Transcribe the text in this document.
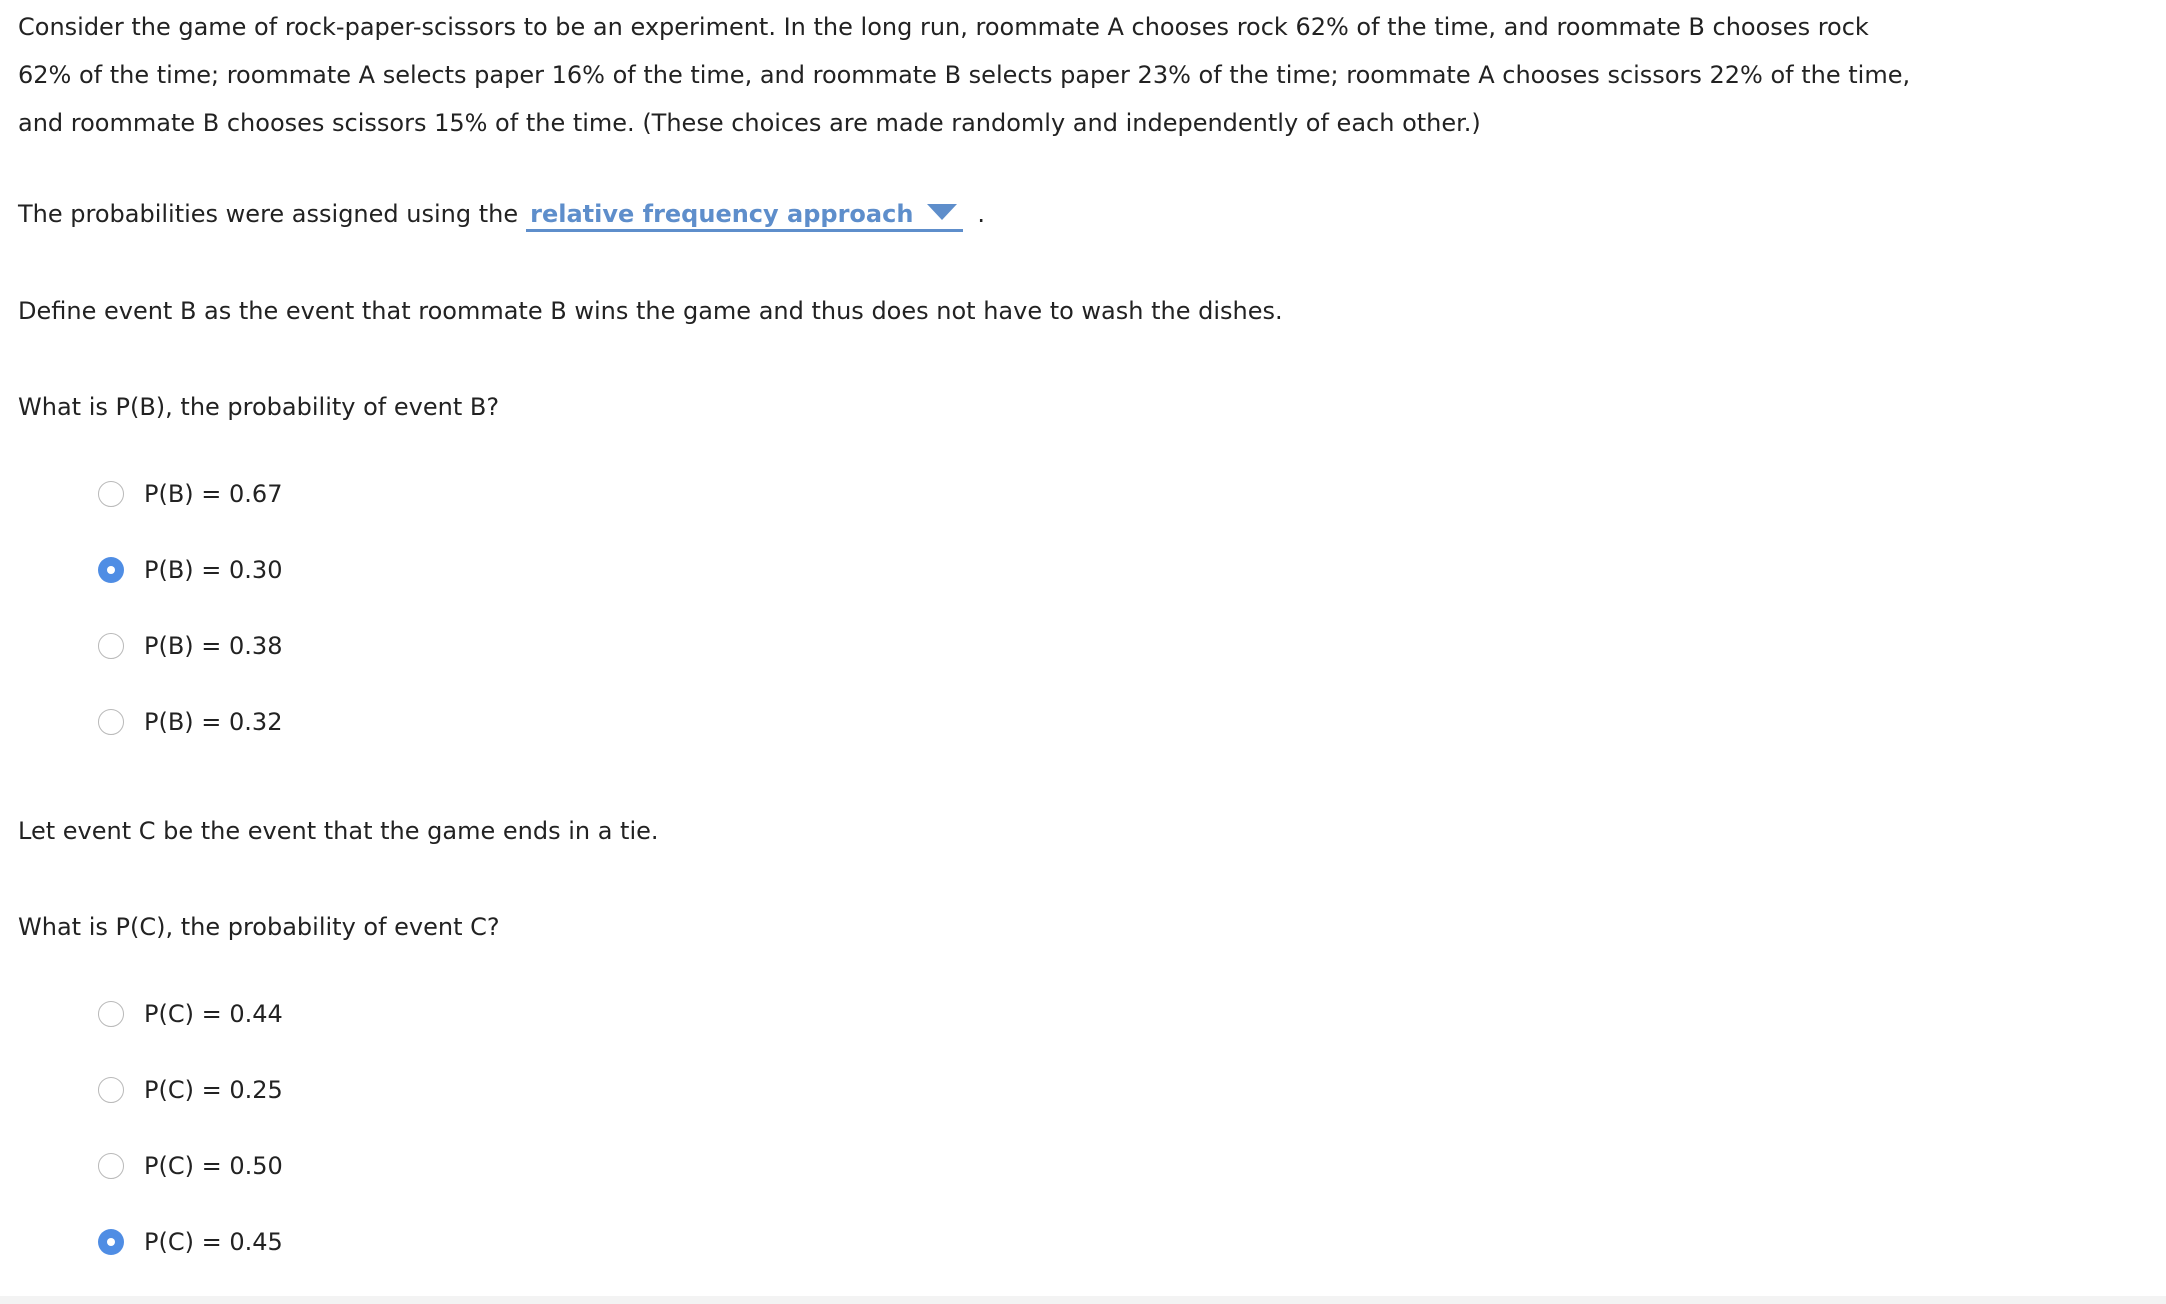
Consider the game of rock-paper-scissors to be an experiment. In the long run, roommate A chooses rock 62% of the time, and roommate B chooses rock 62% of the time; roommate A selects paper 16% of the time, and roommate B selects paper 23% of the time; roommate A chooses scissors 22% of the time, and roommate B chooses scissors 15% of the time. (These choices are made randomly and independently of each other.)

The probabilities were assigned using the relative frequency approach	.

Define event B as the event that roommate B wins the game and thus does not have to wash the dishes.

What is P(B), the probability of event B?

P(B) = 0.67
P(B) = 0.30
P(B) = 0.38
P(B) = 0.32

Let event C be the event that the game ends in a tie.

What is P(C), the probability of event C?

P(C) = 0.44
P(C) = 0.25
P(C) = 0.50
P(C) = 0.45
